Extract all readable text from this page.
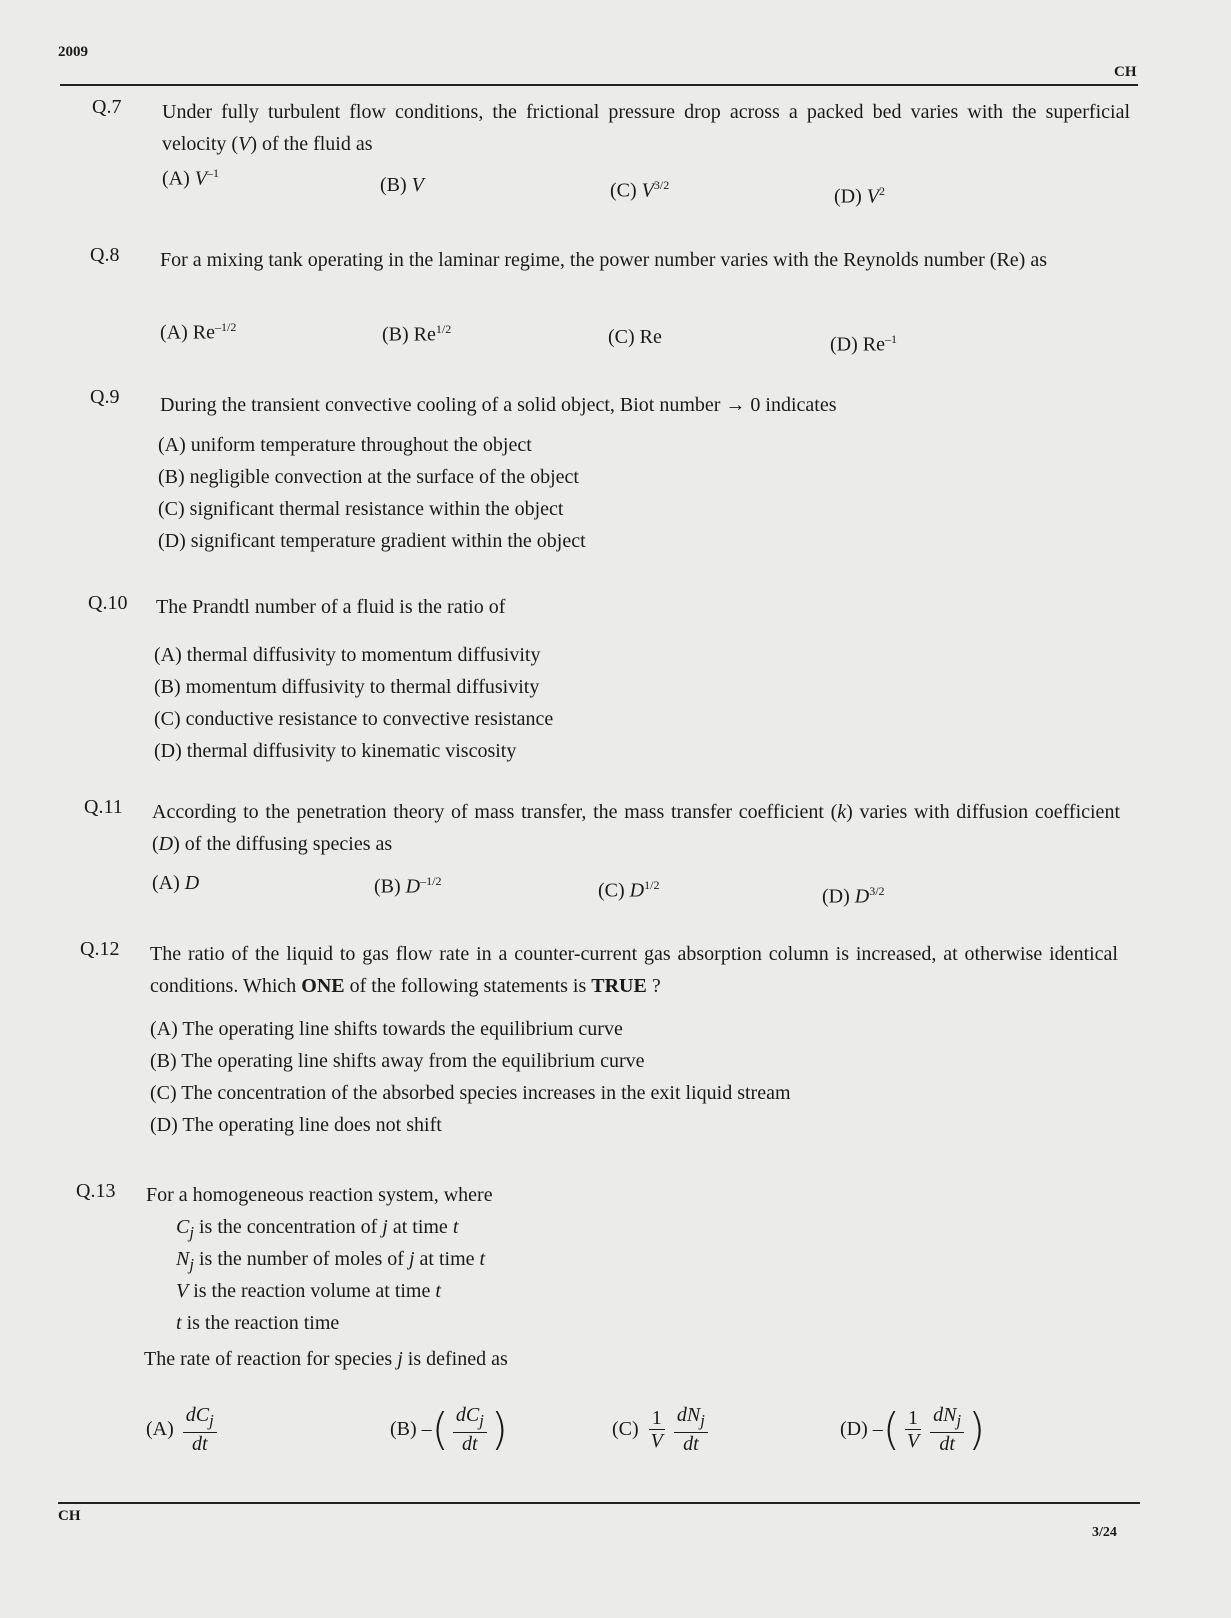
2009
CH
Q.7 Under fully turbulent flow conditions, the frictional pressure drop across a packed bed varies with the superficial velocity (V) of the fluid as
(A) $V^{-1}$
(B) V	(C) $V^{3/2}$
(D) $V^2$
Q.8 For a mixing tank operating in the laminar regime, the power number varies with the Reynolds number (Re) as
(A) $Re^{-1/2}$	(B) $Re^{1/2}$	(C) Re	(D) $Re^{-1}$
Q.9 During the transient convective cooling of a solid object, Biot number → 0 indicates
(A) uniform temperature throughout the object
(B) negligible convection at the surface of the object
(C) significant thermal resistance within the object
(D) significant temperature gradient within the object
Q.10 The Prandtl number of a fluid is the ratio of
(A) thermal diffusivity to momentum diffusivity
(B) momentum diffusivity to thermal diffusivity
(C) conductive resistance to convective resistance
(D) thermal diffusivity to kinematic viscosity
Q.11 According to the penetration theory of mass transfer, the mass transfer coefficient (k) varies with diffusion coefficient (D) of the diffusing species as
(A) D	(B) $D^{-1/2}$	(C) $D^{1/2}$
(D) $D^{3/2}$
Q.12 The ratio of the liquid to gas flow rate in a counter-current gas absorption column is increased, at otherwise identical conditions. Which ONE of the following statements is TRUE ?
(A) The operating line shifts towards the equilibrium curve
(B) The operating line shifts away from the equilibrium curve
(C) The concentration of the absorbed species increases in the exit liquid stream
(D) The operating line does not shift
Q.13 For a homogeneous reaction system, where
$C_j$ is the concentration of j at time t
$N_j$ is the number of moles of j at time t
V is the reaction volume at time t
t is the reaction time
The rate of reaction for species j is defined as
(A)
$\frac{dC_j}{dt}$	(B)
– ( $\frac{dC_j}{dt}$ )	(C)
$\frac{1}{V} \frac{dN_j}{dt}$	(D)
– ( $\frac{1}{V} \frac{dN_j}{dt}$ )
CH
3/24
